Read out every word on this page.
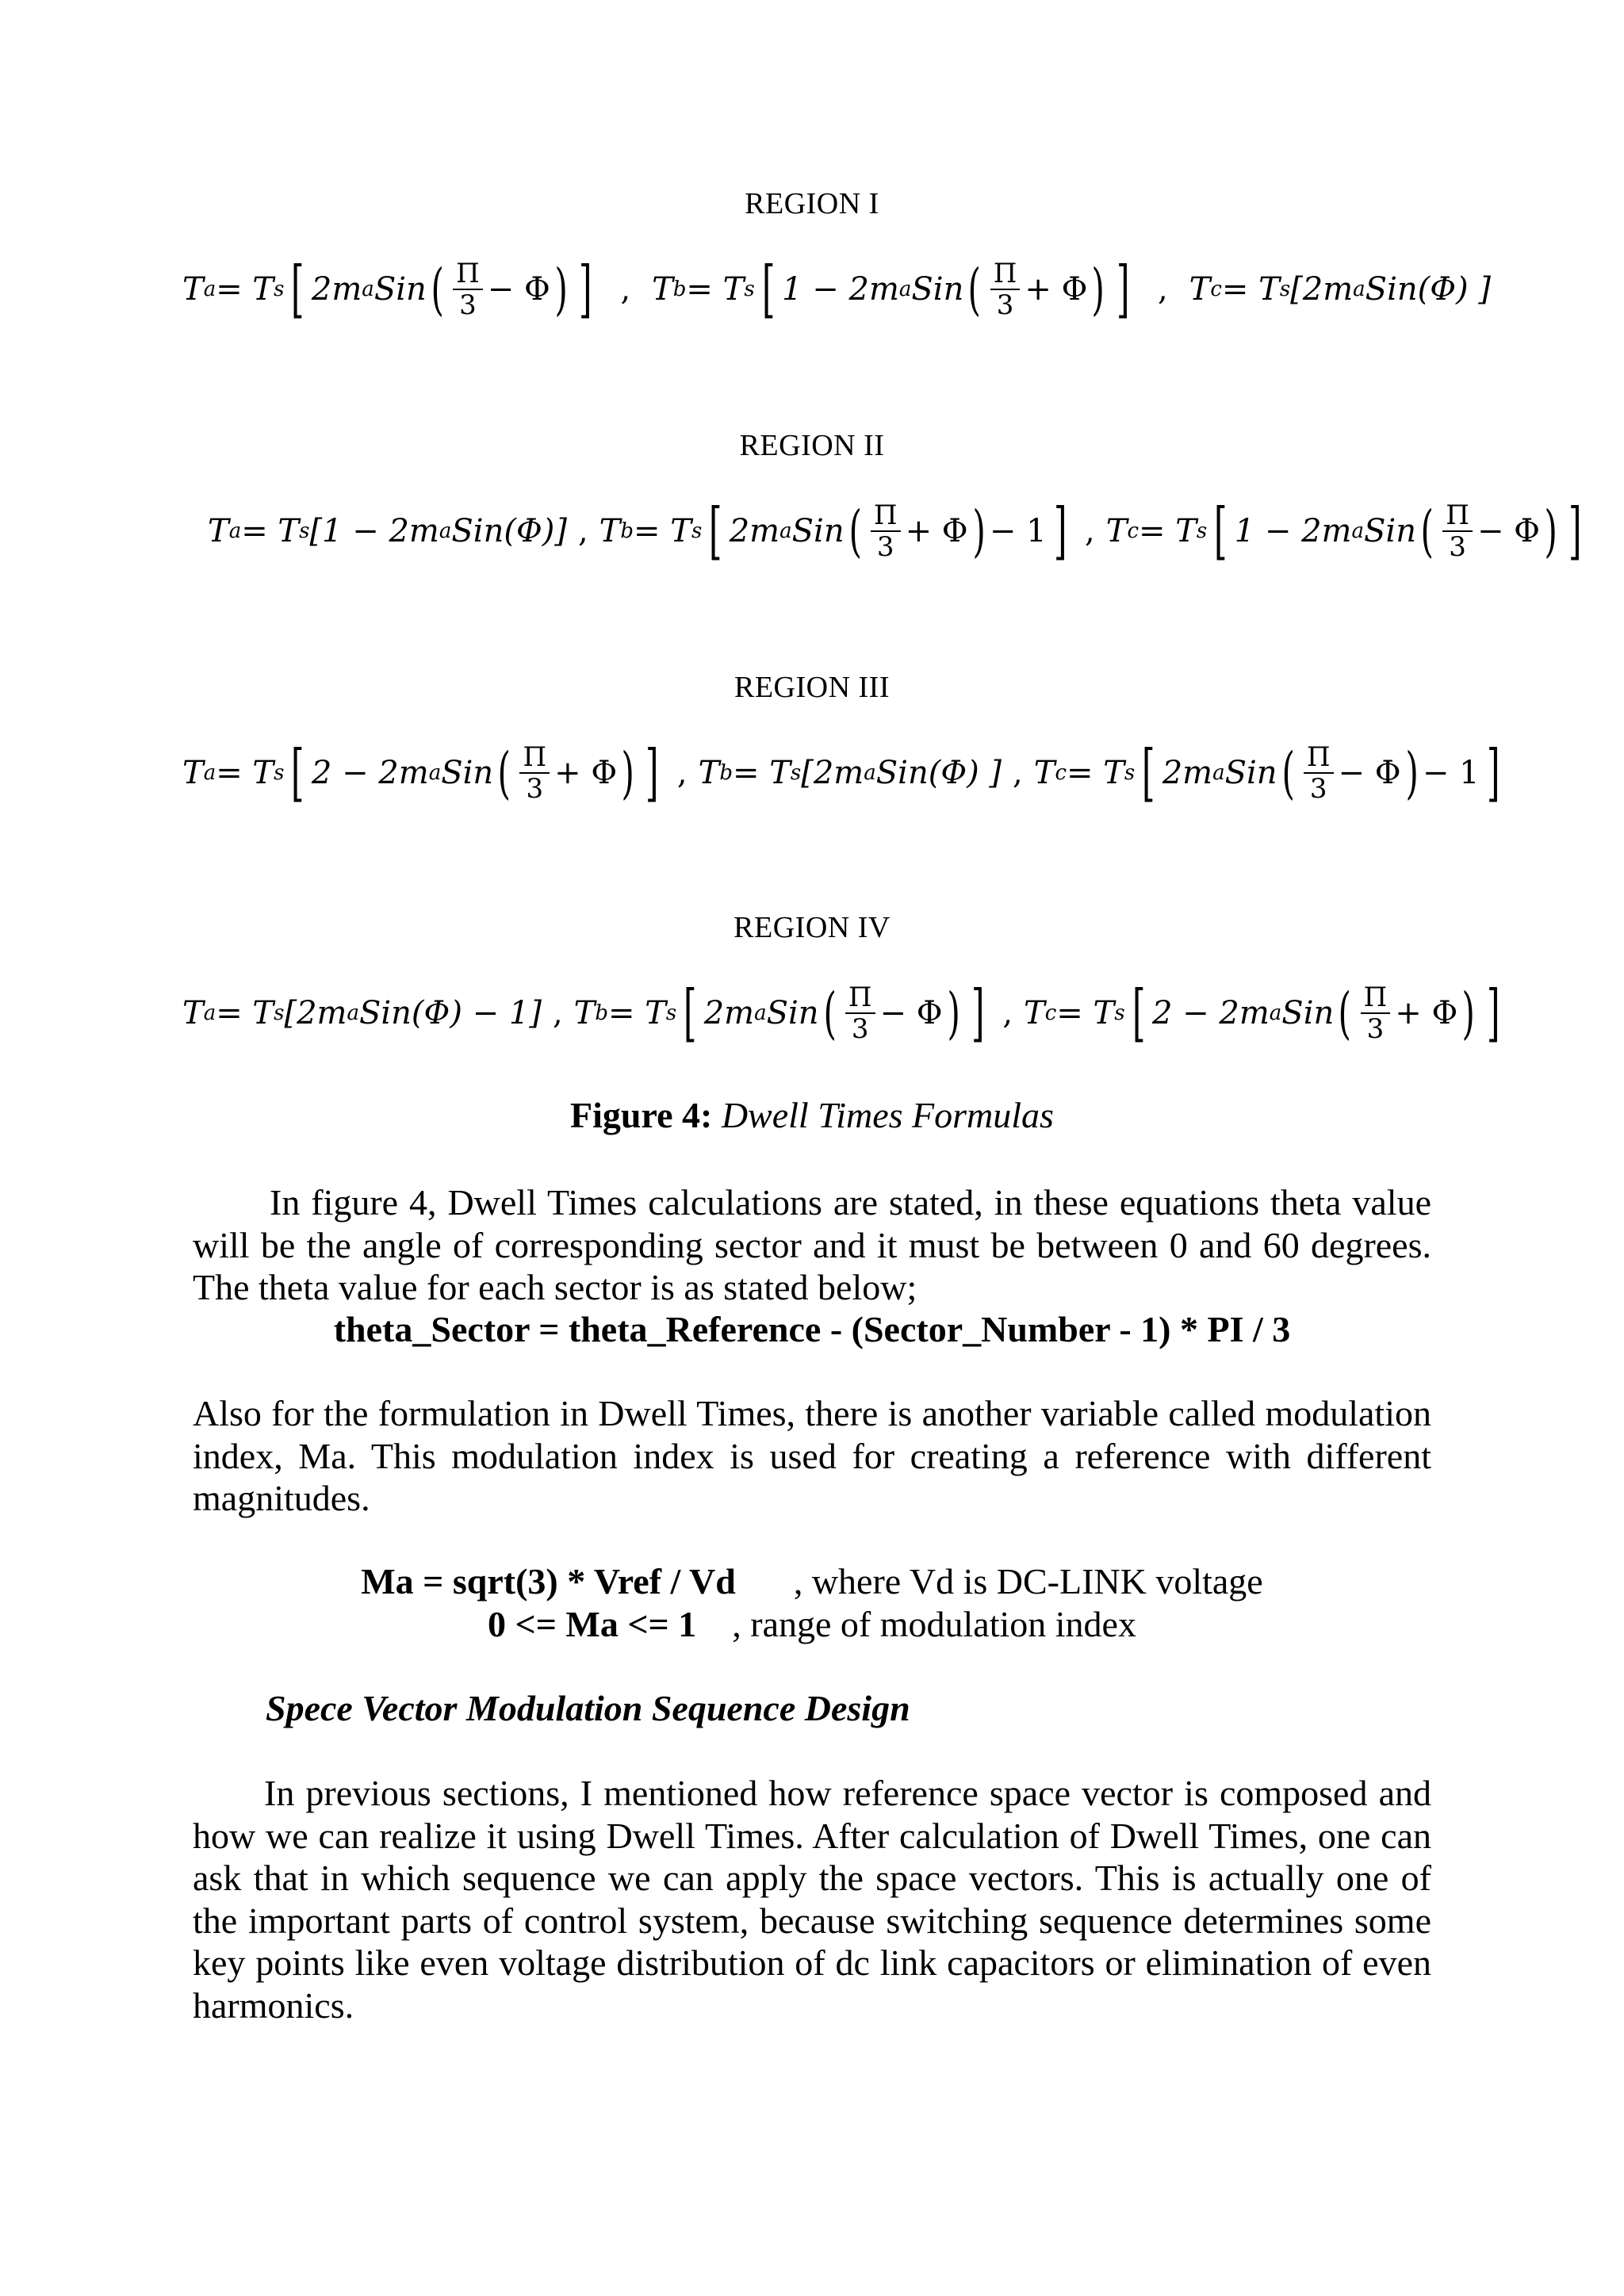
REGION I
T a = T s [ 2m a Sin ( $\frac{\Pi}{3} - \Phi$ ) ] , T b = T s [ 1 − 2m a Sin ( $\frac{\Pi}{3} + \Phi$ ) ] , T c = T s [2m a Sin(Φ) ]
REGION II
T a = T s [1 − 2m a Sin(Φ)] , T b = T s [ 2m a Sin ( $\frac{\Pi}{3} + \Phi$ ) − 1 ] , T c = T s [ 1 − 2m a Sin ( $\frac{\Pi}{3} - \Phi$ ) ]
REGION III
T a = T s [ 2 − 2m a Sin ( $\frac{\Pi}{3} + \Phi$ ) ] , T b = T s [2m a Sin(Φ) ] , T c = T s [ 2m a Sin ( $\frac{\Pi}{3} - \Phi$ ) − 1 ]
REGION IV
T a = T s [2m a Sin(Φ) − 1] , T b = T s [ 2m a Sin ( $\frac{\Pi}{3} - \Phi$ ) ] , T c = T s [ 2 − 2m a Sin ( $\frac{\Pi}{3} + \Phi$ ) ]
Figure 4: Dwell Times Formulas
In figure 4, Dwell Times calculations are stated, in these equations theta value will be the angle of corresponding sector and it must be between 0 and 60 degrees. The theta value for each sector is as stated below;
theta_Sector = theta_Reference - (Sector_Number - 1) * PI / 3
Also for the formulation in Dwell Times, there is another variable called modulation index, Ma. This modulation index is used for creating a reference with different magnitudes.
Ma = sqrt(3) * Vref / Vd , where Vd is DC-LINK voltage
0 <= Ma <= 1 , range of modulation index
Spece Vector Modulation Sequence Design
In previous sections, I mentioned how reference space vector is composed and how we can realize it using Dwell Times. After calculation of Dwell Times, one can ask that in which sequence we can apply the space vectors. This is actually one of the important parts of control system, because switching sequence determines some key points like even voltage distribution of dc link capacitors or elimination of even harmonics.
